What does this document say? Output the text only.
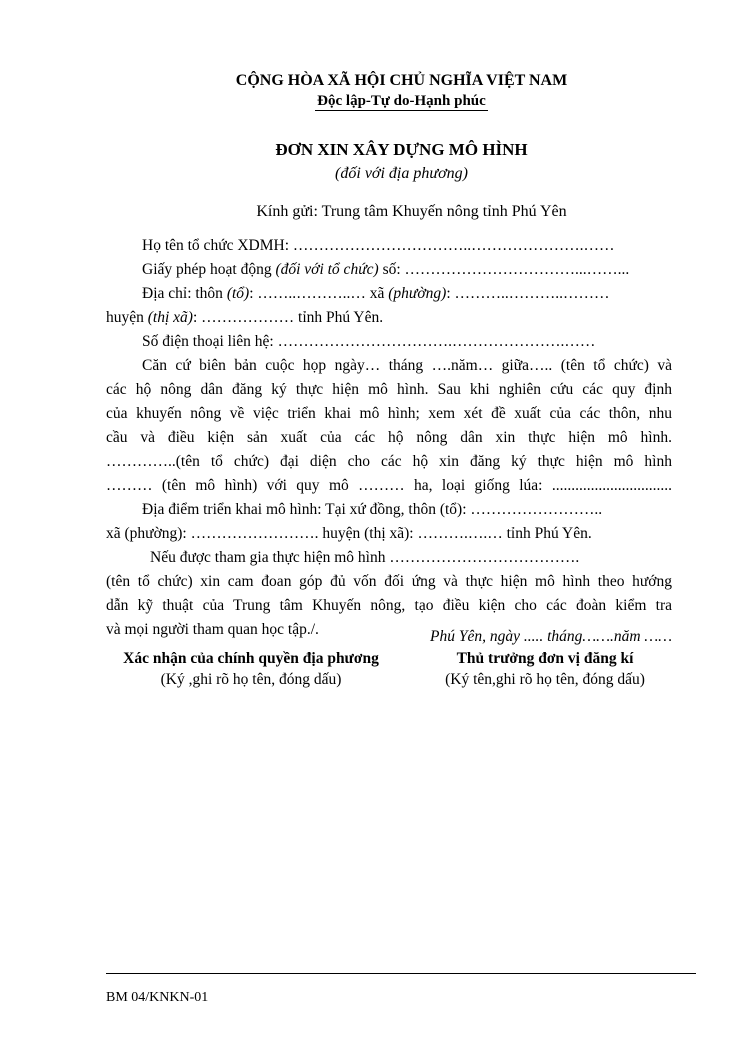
CỘNG HÒA XÃ HỘI CHỦ NGHĨA VIỆT NAM
Độc lập-Tự do-Hạnh phúc
ĐƠN XIN XÂY DỰNG MÔ HÌNH
(đối với địa phương)
Kính gửi: Trung tâm Khuyến nông tỉnh Phú Yên
Họ tên tổ chức XDMH: ……………………………..………………….……
Giấy phép hoạt động (đối với tổ chức) số: ……………………………...……...
Địa chỉ: thôn (tổ): ……..………..… xã (phường): ………..………..………
huyện (thị xã): ……………… tỉnh Phú Yên.
Số điện thoại liên hệ: …………………………….………………….……
Căn cứ biên bản cuộc họp ngày… tháng ….năm… giữa….. (tên tổ chức) và
các hộ nông dân đăng ký thực hiện mô hình. Sau khi nghiên cứu các quy định
của khuyến nông về việc triển khai mô hình; xem xét đề xuất của các thôn, nhu
cầu và điều kiện sản xuất của các hộ nông dân xin thực hiện mô hình.
…………..(tên tổ chức) đại diện cho các hộ xin đăng ký thực hiện mô hình
……… (tên mô hình) với quy mô ……… ha, loại giống lúa: ...............................
Địa điểm triển khai mô hình: Tại xứ đồng, thôn (tổ): ……………………..
xã (phường): ……………………. huyện (thị xã): ……….….… tỉnh Phú Yên.
Nếu được tham gia thực hiện mô hình ……………………………….
(tên tổ chức) xin cam đoan góp đủ vốn đối ứng và thực hiện mô hình theo hướng
dẫn kỹ thuật của Trung tâm Khuyến nông, tạo điều kiện cho các đoàn kiểm tra
và mọi người tham quan học tập./.	Phú Yên, ngày ..... tháng…….năm ……
Xác nhận của chính quyền địa phương	Thủ trưởng đơn vị đăng kí
(Ký ,ghi rõ họ tên, đóng dấu)	(Ký tên,ghi rõ họ tên, đóng dấu)
BM 04/KNKN-01
